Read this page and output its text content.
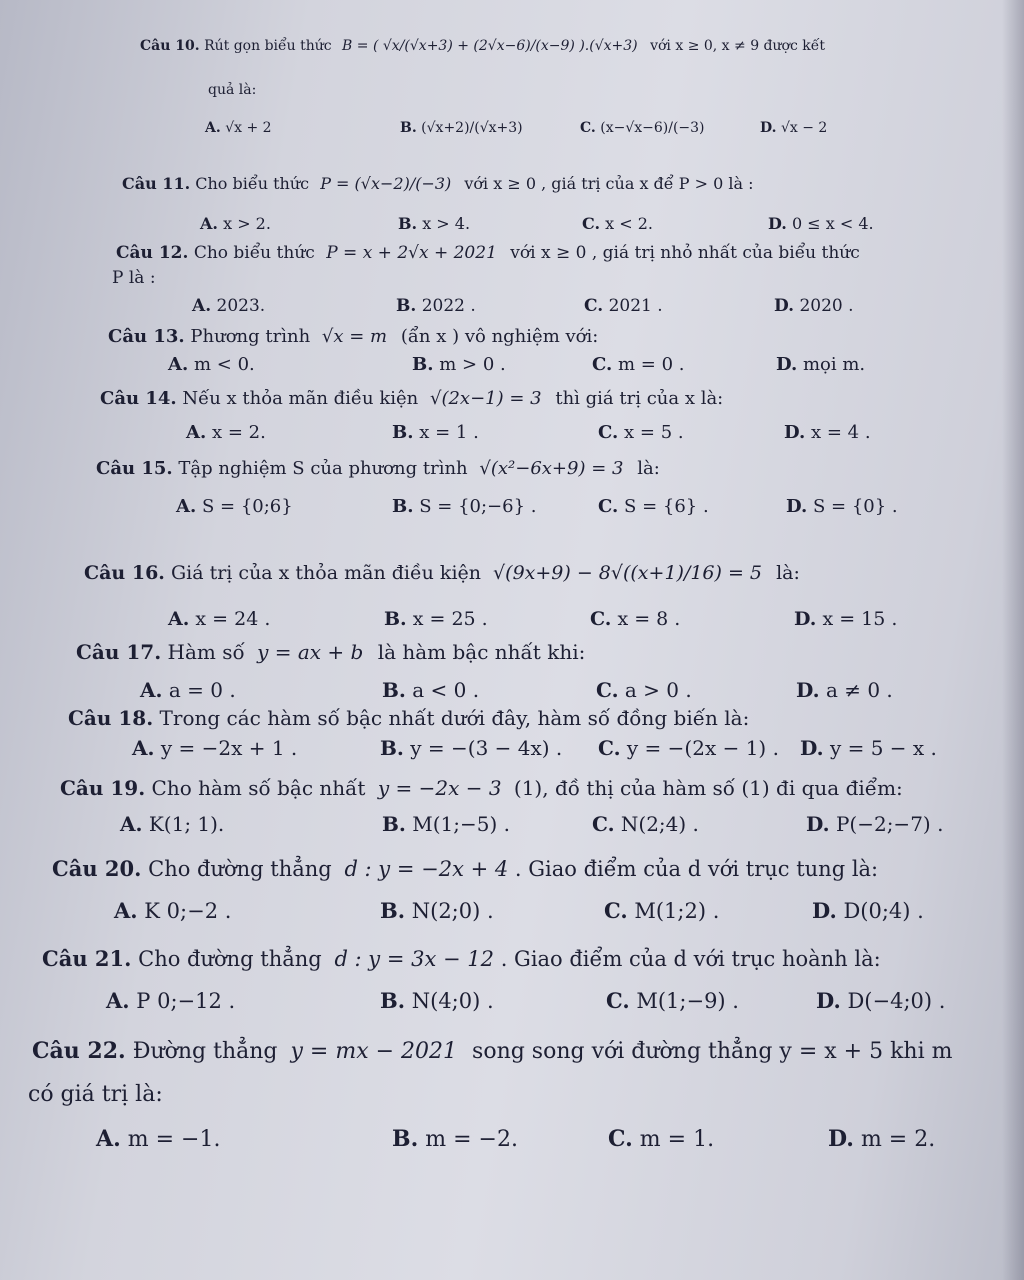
Câu 10. Rút gọn biểu thức B = ( √x/(√x+3) + (2√x−6)/(x−9) ).(√x+3) với x ≥ 0, x ≠ 9 được kết
quả là:
A. √x + 2	B. (√x+2)/(√x+3)	C. (x−√x−6)/(−3)	D. √x − 2
Câu 11. Cho biểu thức P = (√x−2)/(−3) với x ≥ 0 , giá trị của x để P > 0 là :
A. x > 2.	B. x > 4.	C. x < 2.	D. 0 ≤ x < 4.
Câu 12. Cho biểu thức P = x + 2√x + 2021 với x ≥ 0 , giá trị nhỏ nhất của biểu thức
P là :
A. 2023.	B. 2022 .	C. 2021 .	D. 2020 .
Câu 13. Phương trình √x = m (ẩn x ) vô nghiệm với:
A. m < 0.	B. m > 0 .	C. m = 0 .	D. mọi m.
Câu 14. Nếu x thỏa mãn điều kiện √(2x−1) = 3 thì giá trị của x là:
A. x = 2.	B. x = 1 .	C. x = 5 .	D. x = 4 .
Câu 15. Tập nghiệm S của phương trình √(x²−6x+9) = 3 là:
A. S = {0;6}	B. S = {0;−6} .	C. S = {6} .	D. S = {0} .
Câu 16. Giá trị của x thỏa mãn điều kiện √(9x+9) − 8√((x+1)/16) = 5 là:
A. x = 24 .	B. x = 25 .	C. x = 8 .	D. x = 15 .
Câu 17. Hàm số y = ax + b là hàm bậc nhất khi:
A. a = 0 .	B. a < 0 .	C. a > 0 .	D. a ≠ 0 .
Câu 18. Trong các hàm số bậc nhất dưới đây, hàm số đồng biến là:
A. y = −2x + 1 .	B. y = −(3 − 4x) . C. y = −(2x − 1) . D. y = 5 − x .
Câu 19. Cho hàm số bậc nhất y = −2x − 3 (1), đồ thị của hàm số (1) đi qua điểm:
A. K(1; 1).	B. M(1;−5) .	C. N(2;4) .	D. P(−2;−7) .
Câu 20. Cho đường thẳng d : y = −2x + 4 . Giao điểm của d với trục tung là:
A. K 0;−2 .	B. N(2;0) .	C. M(1;2) .	D. D(0;4) .
Câu 21. Cho đường thẳng d : y = 3x − 12 . Giao điểm của d với trục hoành là:
A. P 0;−12 .	B. N(4;0) .	C. M(1;−9) .	D. D(−4;0) .
Câu 22. Đường thẳng y = mx − 2021 song song với đường thẳng y = x + 5 khi m
có giá trị là:
A. m = −1.	B. m = −2.	C. m = 1.	D. m = 2.
